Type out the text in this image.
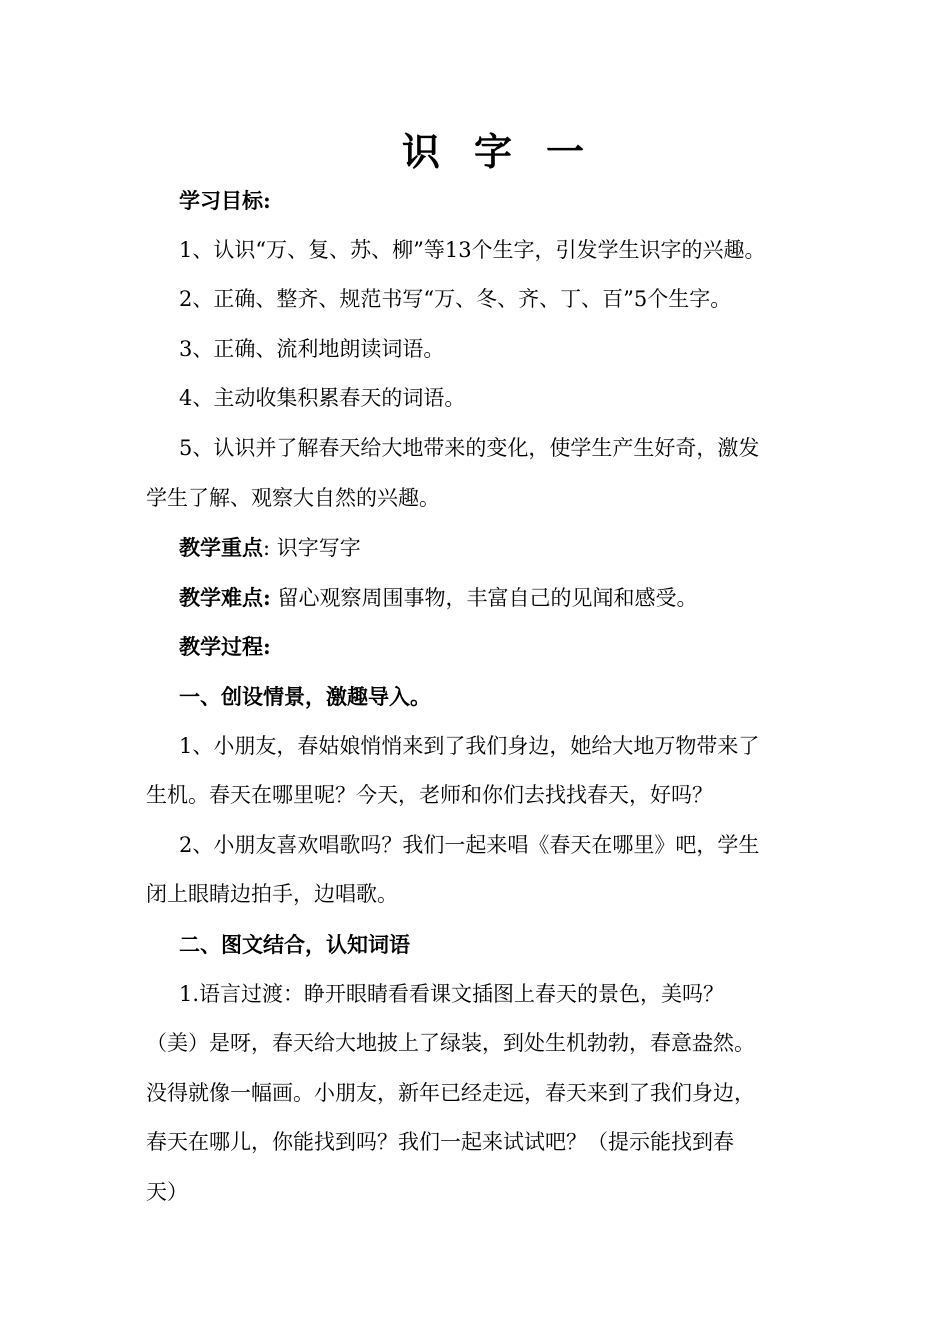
识字一

学习目标:

1、认识“万、复、苏、柳”等13个生字，引发学生识字的兴趣。

2、正确、整齐、规范书写“万、冬、齐、丁、百”5个生字。

3、正确、流利地朗读词语。

4、主动收集积累春天的词语。

5、认识并了解春天给大地带来的变化，使学生产生好奇，激发

学生了解、观察大自然的兴趣。

教学重点: 识字写字

教学难点: 留心观察周围事物，丰富自己的见闻和感受。

教学过程:

一、创设情景，激趣导入。

1、小朋友，春姑娘悄悄来到了我们身边，她给大地万物带来了

生机。春天在哪里呢？今天，老师和你们去找找春天，好吗？

2、小朋友喜欢唱歌吗？我们一起来唱《春天在哪里》吧，学生

闭上眼睛边拍手，边唱歌。

二、图文结合，认知词语

1.语言过渡：睁开眼睛看看课文插图上春天的景色，美吗？

（美）是呀，春天给大地披上了绿装，到处生机勃勃，春意盎然。

没得就像一幅画。小朋友，新年已经走远，春天来到了我们身边，

春天在哪儿，你能找到吗？我们一起来试试吧？（提示能找到春

天）
